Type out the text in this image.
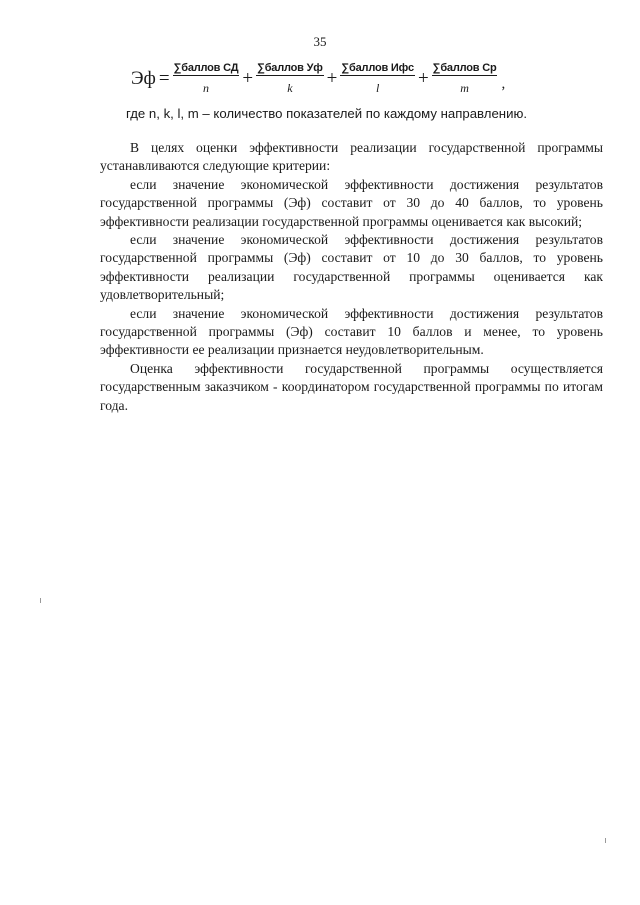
35
Эф = $\frac{\text{∑баллов СД}}{n} + \frac{\text{∑баллов Уф}}{k} + \frac{\text{∑баллов Ифс}}{l} + \frac{\text{∑баллов Ср}}{m}$ ,
где n, k, l, m – количество показателей по каждому направлению.

В целях оценки эффективности реализации государственной программы устанавливаются следующие критерии:

если значение экономической эффективности достижения результатов государственной программы (Эф) составит от 30 до 40 баллов, то уровень эффективности реализации государственной программы оценивается как высокий;

если значение экономической эффективности достижения результатов государственной программы (Эф) составит от 10 до 30 баллов, то уровень эффективности реализации государственной программы оценивается как удовлетворительный;

если значение экономической эффективности достижения результатов государственной программы (Эф) составит 10 баллов и менее, то уровень эффективности ее реализации признается неудовлетворительным.

Оценка эффективности государственной программы осуществляется государственным заказчиком - координатором государственной программы по итогам года.
